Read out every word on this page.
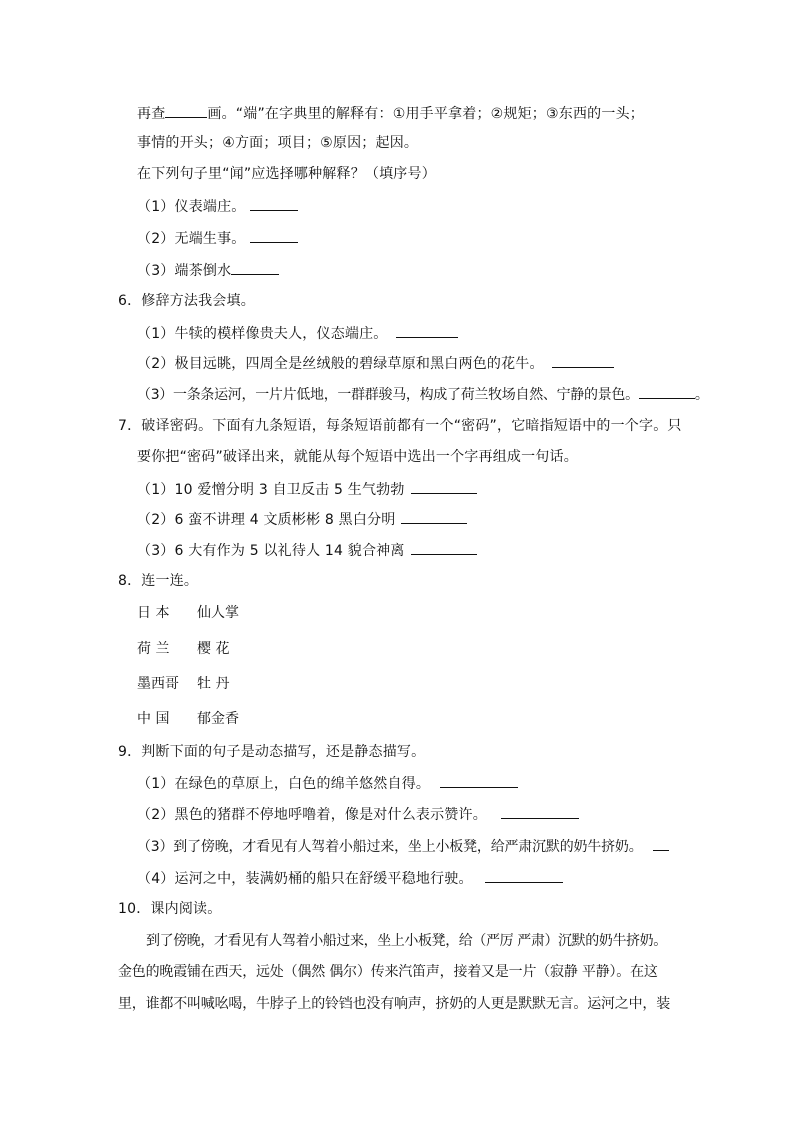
再查	画。“端”在字典里的解释有：①用手平拿着；②规矩；③东西的一头；
事情的开头；④方面；项目；⑤原因；起因。
在下列句子里“闻”应选择哪种解释？（填序号）
（1）仪表端庄。
（2）无端生事。
（3）端茶倒水
6．修辞方法我会填。
（1）牛犊的模样像贵夫人，仪态端庄。
（2）极目远眺，四周全是丝绒般的碧绿草原和黑白两色的花牛。
（3）一条条运河，一片片低地，一群群骏马，构成了荷兰牧场自然、宁静的景色。	。
7．破译密码。下面有九条短语，每条短语前都有一个“密码”，它暗指短语中的一个字。只
要你把“密码”破译出来，就能从每个短语中选出一个字再组成一句话。
（1）10 爱憎分明 3 自卫反击 5 生气勃勃
（2）6 蛮不讲理 4 文质彬彬 8 黑白分明
（3）6 大有作为 5 以礼待人 14 貌合神离
8．连一连。
日 本 仙人掌
荷 兰 樱 花
墨西哥 牡 丹
中 国 郁金香
9．判断下面的句子是动态描写，还是静态描写。
（1）在绿色的草原上，白色的绵羊悠然自得。
（2）黑色的猪群不停地呼噜着，像是对什么表示赞许。
（3）到了傍晚，才看见有人驾着小船过来，坐上小板凳，给严肃沉默的奶牛挤奶。
（4）运河之中，装满奶桶的船只在舒缓平稳地行驶。
10．课内阅读。
到了傍晚，才看见有人驾着小船过来，坐上小板凳，给（严厉 严肃）沉默的奶牛挤奶。
金色的晚霞铺在西天，远处（偶然 偶尔）传来汽笛声，接着又是一片（寂静 平静）。在这
里，谁都不叫喊吆喝，牛脖子上的铃铛也没有响声，挤奶的人更是默默无言。运河之中，装
